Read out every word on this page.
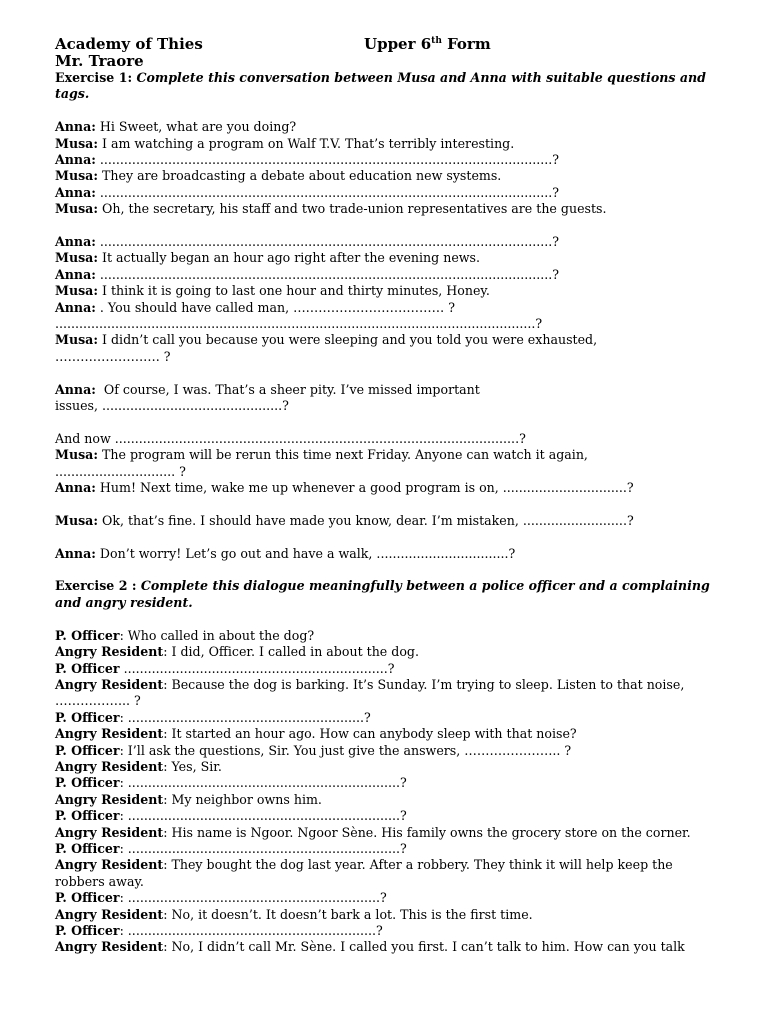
Academy of Thies
Mr. Traore
Upper 6th Form
Exercise 1: Complete this conversation between Musa and Anna with suitable questions and tags.
Anna: Hi Sweet, what are you doing?
Musa: I am watching a program on Walf T.V. That’s terribly interesting.
Anna: .................................................................................................................?
Musa: They are broadcasting a debate about education new systems.
Anna: .................................................................................................................?
Musa: Oh, the secretary, his staff and two trade-union representatives are the guests.
Anna: .................................................................................................................?
Musa: It actually began an hour ago right after the evening news.
Anna: .................................................................................................................?
Musa: I think it is going to last one hour and thirty minutes, Honey.
Anna: . You should have called man, ……………………………… ?
........................................................................................................................?
Musa: I didn’t call you because you were sleeping and you told you were exhausted,
……………………. ?
Anna:  Of course, I was. That’s a sheer pity. I’ve missed important
issues, .............................................?
And now .....................................................................................................?
Musa: The program will be rerun this time next Friday. Anyone can watch it again,
.............................. ?
Anna: Hum! Next time, wake me up whenever a good program is on, ...............................?
Musa: Ok, that’s fine. I should have made you know, dear. I’m mistaken, ..........................?
Anna: Don’t worry! Let’s go out and have a walk, .................................?
Exercise 2 : Complete this dialogue meaningfully between a police officer and a complaining and angry resident.
P. Officer: Who called in about the dog?
Angry Resident: I did, Officer. I called in about the dog.
P. Officer ..................................................................?
Angry Resident: Because the dog is barking. It’s Sunday. I’m trying to sleep. Listen to that noise,
……………... ?
P. Officer: ...........................................................?
Angry Resident: It started an hour ago. How can anybody sleep with that noise?
P. Officer: I’ll ask the questions, Sir. You just give the answers, ………………….. ?
Angry Resident: Yes, Sir.
P. Officer: ....................................................................?
Angry Resident: My neighbor owns him.
P. Officer: ....................................................................?
Angry Resident: His name is Ngoor. Ngoor Sène. His family owns the grocery store on the corner.
P. Officer: ....................................................................?
Angry Resident: They bought the dog last year. After a robbery. They think it will help keep the
robbers away.
P. Officer: ...............................................................?
Angry Resident: No, it doesn’t. It doesn’t bark a lot. This is the first time.
P. Officer: ..............................................................?
Angry Resident: No, I didn’t call Mr. Sène. I called you first. I can’t talk to him. How can you talk
